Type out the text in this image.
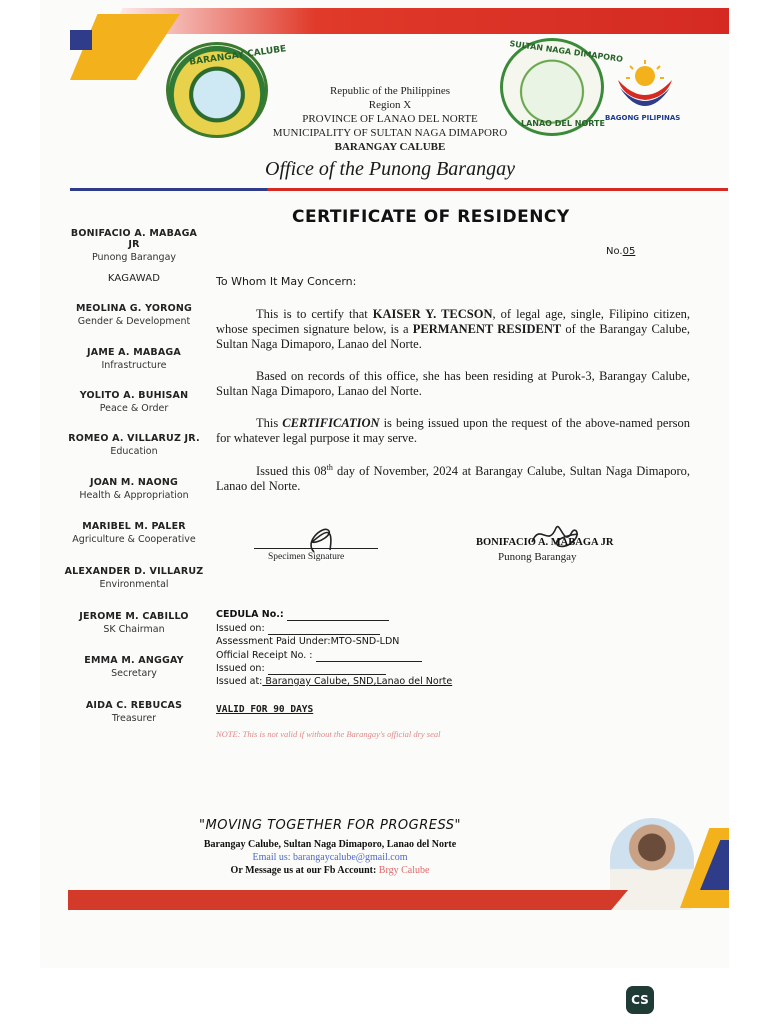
BARANGAY CALUBE	SULTAN NAGA DIMAPORO
LANAO DEL NORTE
BAGONG PILIPINAS
Republic of the Philippines
Region X
PROVINCE OF LANAO DEL NORTE
MUNICIPALITY OF SULTAN NAGA DIMAPORO
BARANGAY CALUBE
Office of the Punong Barangay
CERTIFICATE OF RESIDENCY
No.05
BONIFACIO A. MABAGA JR
Punong Barangay
KAGAWAD
MEOLINA G. YORONG
Gender & Development
JAME A. MABAGA
Infrastructure
YOLITO A. BUHISAN
Peace & Order
ROMEO A. VILLARUZ JR.
Education
JOAN M. NAONG
Health & Appropriation
MARIBEL M. PALER
Agriculture & Cooperative
ALEXANDER D. VILLARUZ
Environmental
JEROME M. CABILLO
SK Chairman
EMMA M. ANGGAY
Secretary
AIDA C. REBUCAS
Treasurer
To Whom It May Concern:
This is to certify that KAISER Y. TECSON, of legal age, single, Filipino citizen, whose specimen signature below, is a PERMANENT RESIDENT of the Barangay Calube, Sultan Naga Dimaporo, Lanao del Norte.
Based on records of this office, she has been residing at Purok-3, Barangay Calube, Sultan Naga Dimaporo, Lanao del Norte.
This CERTIFICATION is being issued upon the request of the above-named person for whatever legal purpose it may serve.
Issued this 08th day of November, 2024 at Barangay Calube, Sultan Naga Dimaporo, Lanao del Norte.
Specimen Signature
BONIFACIO A. MABAGA JR
Punong Barangay
CEDULA No.:
Issued on:
Assessment Paid Under:MTO-SND-LDN
Official Receipt No. :
Issued on:
Issued at: Barangay Calube, SND,Lanao del Norte
VALID FOR 90 DAYS
NOTE: This is not valid if without the Barangay's official dry seal
"MOVING TOGETHER FOR PROGRESS"
Barangay Calube, Sultan Naga Dimaporo, Lanao del Norte
Email us: barangaycalube@gmail.com
Or Message us at our Fb Account: Brgy Calube
CS
